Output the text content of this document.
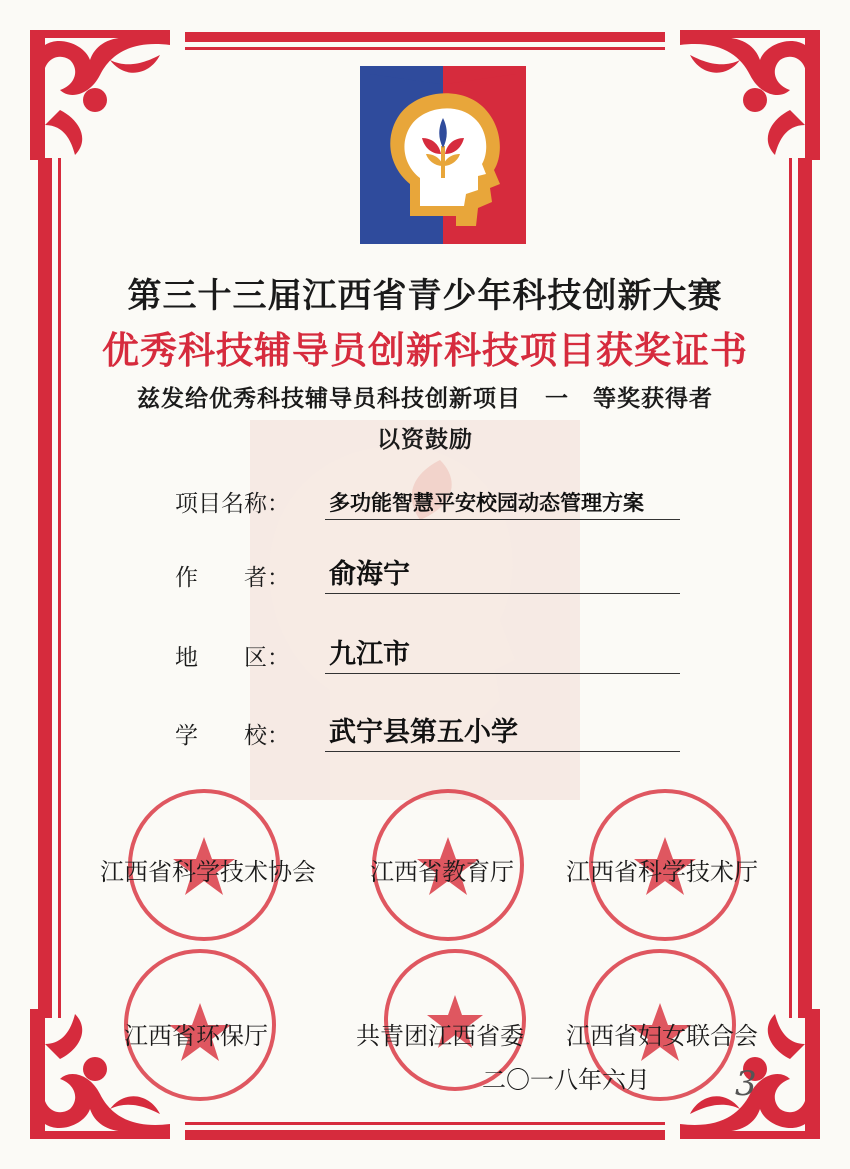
第三十三届江西省青少年科技创新大赛
优秀科技辅导员创新科技项目获奖证书
兹发给优秀科技辅导员科技创新项目　一　等奖获得者
以资鼓励
项目名称： 多功能智慧平安校园动态管理方案
作　　者： 俞海宁
地　　区： 九江市
学　　校： 武宁县第五小学
江西省科学技术协会 江西省教育厅 江西省科学技术厅
江西省环保厅	共青团江西省委 江西省妇女联合会
二〇一八年六月	3
